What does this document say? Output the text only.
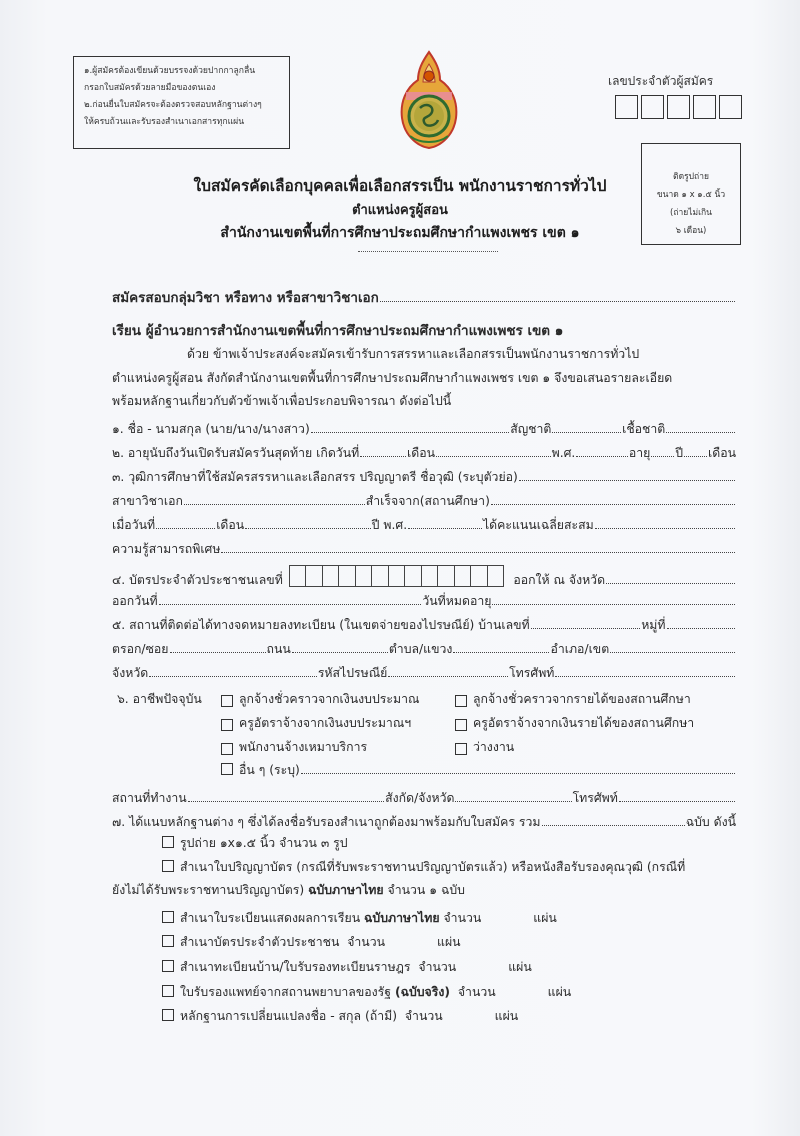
๑.ผู้สมัครต้องเขียนด้วยบรรจงด้วยปากกาลูกลื่น
กรอกใบสมัครด้วยลายมือของตนเอง
๒.ก่อนยื่นใบสมัครจะต้องตรวจสอบหลักฐานต่างๆ
ให้ครบถ้วนและรับรองสำเนาเอกสารทุกแผ่น
เลขประจำตัวผู้สมัคร
ติดรูปถ่าย
ขนาด ๑ x ๑.๕ นิ้ว
(ถ่ายไม่เกิน
๖ เดือน)
ใบสมัครคัดเลือกบุคคลเพื่อเลือกสรรเป็น พนักงานราชการทั่วไป
ตำแหน่งครูผู้สอน
สำนักงานเขตพื้นที่การศึกษาประถมศึกษากำแพงเพชร เขต ๑
สมัครสอบกลุ่มวิชา หรือทาง หรือสาขาวิชาเอก
เรียน ผู้อำนวยการสำนักงานเขตพื้นที่การศึกษาประถมศึกษากำแพงเพชร เขต ๑
ด้วย ข้าพเจ้าประสงค์จะสมัครเข้ารับการสรรหาและเลือกสรรเป็นพนักงานราชการทั่วไป
ตำแหน่งครูผู้สอน สังกัดสำนักงานเขตพื้นที่การศึกษาประถมศึกษากำแพงเพชร เขต ๑ จึงขอเสนอรายละเอียด
พร้อมหลักฐานเกี่ยวกับตัวข้าพเจ้าเพื่อประกอบพิจารณา ดังต่อไปนี้
๑. ชื่อ - นามสกุล (นาย/นาง/นางสาว)	สัญชาติ	เชื้อชาติ
๒. อายุนับถึงวันเปิดรับสมัครวันสุดท้าย เกิดวันที่	เดือน	พ.ศ.	อายุ ปี เดือน
๓. วุฒิการศึกษาที่ใช้สมัครสรรหาและเลือกสรร ปริญญาตรี ชื่อวุฒิ (ระบุตัวย่อ)
สาขาวิชาเอก	สำเร็จจาก(สถานศึกษา)
เมื่อวันที่	เดือน	ปี พ.ศ.	ได้คะแนนเฉลี่ยสะสม
ความรู้สามารถพิเศษ
๔. บัตรประจำตัวประชาชนเลขที่	ออกให้ ณ จังหวัด
ออกวันที่	วันที่หมดอายุ
๕. สถานที่ติดต่อได้ทางจดหมายลงทะเบียน (ในเขตจ่ายของไปรษณีย์) บ้านเลขที่	หมู่ที่
ตรอก/ซอย	ถนน	ตำบล/แขวง	อำเภอ/เขต
จังหวัด	รหัสไปรษณีย์	โทรศัพท์
๖. อาชีพปัจจุบัน	ลูกจ้างชั่วคราวจากเงินงบประมาณ	ลูกจ้างชั่วคราวจากรายได้ของสถานศึกษา
ครูอัตราจ้างจากเงินงบประมาณฯ	ครูอัตราจ้างจากเงินรายได้ของสถานศึกษา
พนักงานจ้างเหมาบริการ	ว่างงาน
อื่น ๆ (ระบุ)
สถานที่ทำงาน	สังกัด/จังหวัด	โทรศัพท์
๗. ได้แนบหลักฐานต่าง ๆ ซึ่งได้ลงชื่อรับรองสำเนาถูกต้องมาพร้อมกับใบสมัคร รวม	ฉบับ ดังนี้
รูปถ่าย ๑x๑.๕ นิ้ว จำนวน ๓ รูป
สำเนาใบปริญญาบัตร (กรณีที่รับพระราชทานปริญญาบัตรแล้ว) หรือหนังสือรับรองคุณวุฒิ (กรณีที่
ยังไม่ได้รับพระราชทานปริญญาบัตร)
ฉบับภาษาไทย
จำนวน ๑ ฉบับ
สำเนาใบระเบียนแสดงผลการเรียน
ฉบับภาษาไทย
จำนวน	แผ่น
สำเนาบัตรประจำตัวประชาชน
จำนวน	แผ่น
สำเนาทะเบียนบ้าน/ใบรับรองทะเบียนราษฎร
จำนวน	แผ่น
ใบรับรองแพทย์จากสถานพยาบาลของรัฐ
(ฉบับจริง)
จำนวน	แผ่น
หลักฐานการเปลี่ยนแปลงชื่อ - สกุล (ถ้ามี)
จำนวน	แผ่น
